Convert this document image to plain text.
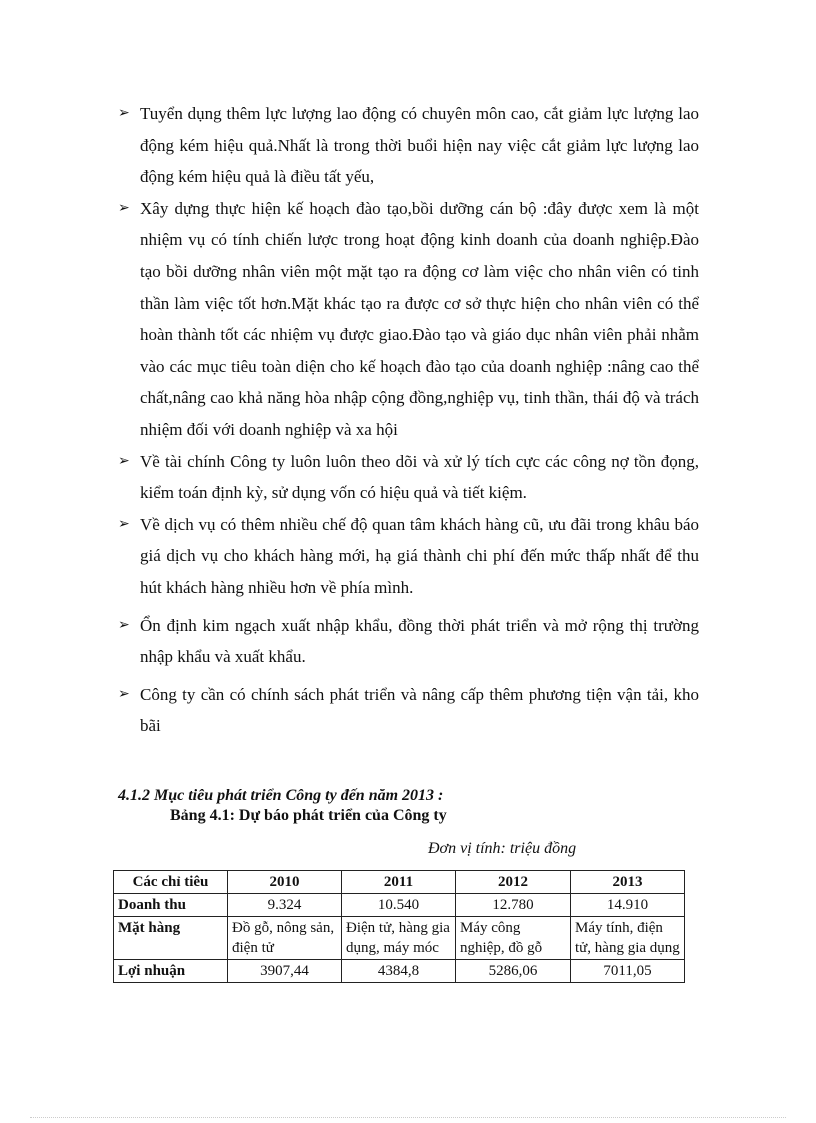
➢ Tuyển dụng thêm lực lượng lao động có chuyên môn cao, cắt giảm lực lượng lao động kém hiệu quả.Nhất là trong thời buổi hiện nay việc cắt giảm lực lượng lao động kém hiệu quả là điều tất yếu,

➢ Xây dựng thực hiện kế hoạch đào tạo,bồi dưỡng cán bộ :đây được xem là một nhiệm vụ có tính chiến lược trong hoạt động kinh doanh của doanh nghiệp.Đào tạo bồi dưỡng nhân viên một mặt tạo ra động cơ làm việc cho nhân viên có tinh thần làm việc tốt hơn.Mặt khác tạo ra được cơ sở thực hiện cho nhân viên có thể hoàn thành tốt các nhiệm vụ được giao.Đào tạo và giáo dục nhân viên phải nhằm vào các mục tiêu toàn diện cho kế hoạch đào tạo của doanh nghiệp :nâng cao thể chất,nâng cao khả năng hòa nhập cộng đồng,nghiệp vụ, tinh thần, thái độ và trách nhiệm đối với doanh nghiệp và xa hội

➢ Về tài chính Công ty luôn luôn theo dõi và xử lý tích cực các công nợ tồn đọng, kiểm toán định kỳ, sử dụng vốn có hiệu quả và tiết kiệm.

➢ Về dịch vụ có thêm nhiều chế độ quan tâm khách hàng cũ, ưu đãi trong khâu báo giá dịch vụ cho khách hàng mới, hạ giá thành chi phí đến mức thấp nhất để thu hút khách hàng nhiều hơn về phía mình.

➢ Ổn định kim ngạch xuất nhập khẩu, đồng thời phát triển và mở rộng thị trường nhập khẩu và xuất khẩu.

➢ Công ty cần có chính sách phát triển và nâng cấp thêm phương tiện vận tải, kho bãi

4.1.2 Mục tiêu phát triển Công ty đến năm 2013 :
Bảng 4.1: Dự báo phát triển của Công ty
Đơn vị tính: triệu đồng
Các chỉ tiêu	2010	2011	2012	2013
Doanh thu	9.324	10.540	12.780	14.910
Mặt hàng	Đồ gỗ, nông sản, điện tử	Điện tử, hàng gia dụng, máy móc	Máy công nghiệp, đồ gỗ	Máy tính, điện tử, hàng gia dụng
Lợi nhuận	3907,44	4384,8	5286,06	7011,05
